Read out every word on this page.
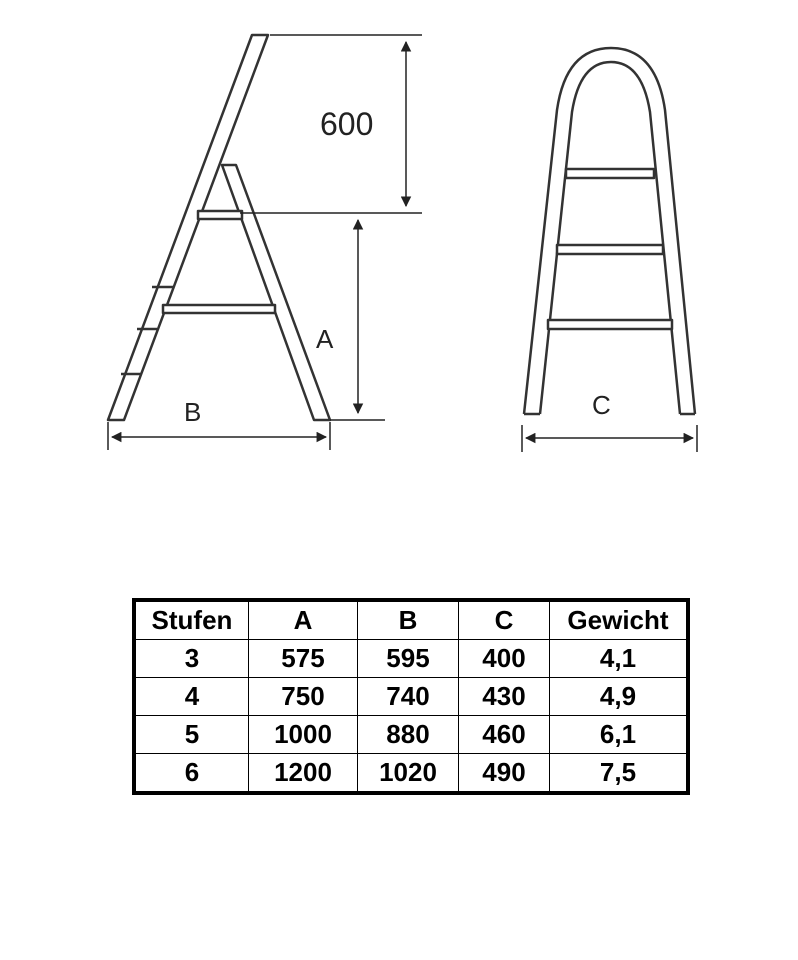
600
A
B	C
Stufen	A	B	C	Gewicht
3	575	595	400	4,1
4	750	740	430	4,9
5	1000	880	460	6,1
6	1200	1020	490	7,5
